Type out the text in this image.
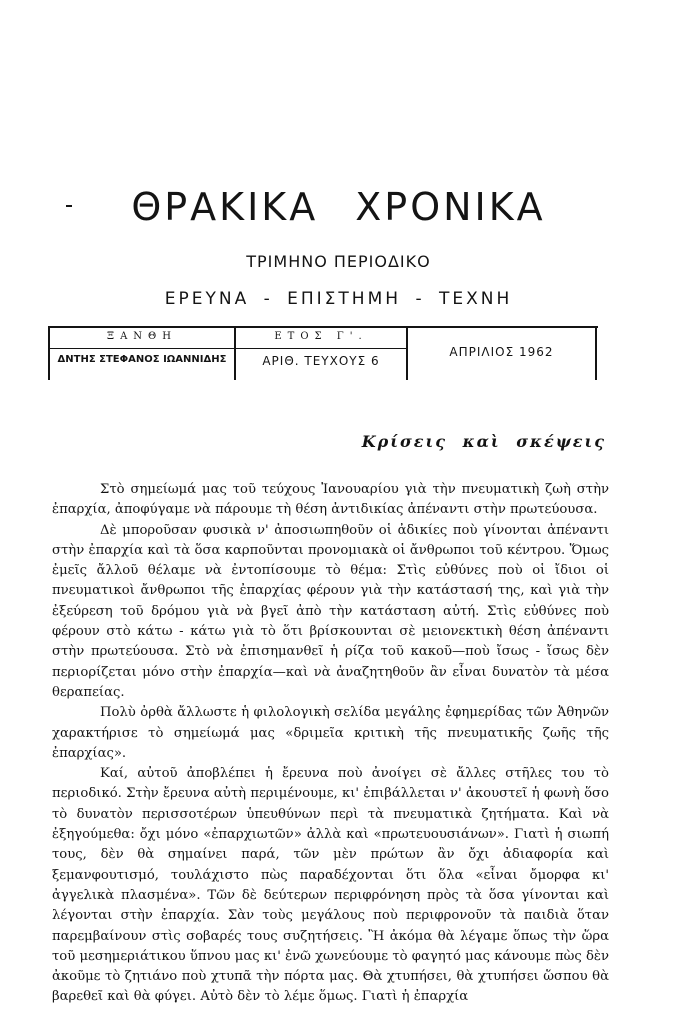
ΘΡΑΚΙΚΑ ΧΡΟΝΙΚΑ
ΤΡΙΜΗΝΟ ΠΕΡΙΟΔΙΚΟ
ΕΡΕΥΝΑ - ΕΠΙΣΤΗΜΗ - ΤΕΧΝΗ
ΞΑΝΘΗ
ΔΝΤΗΣ ΣΤΕΦΑΝΟΣ ΙΩΑΝΝΙΔΗΣ
ΕΤΟΣ Γ'.
ΑΡΙΘ. ΤΕΥΧΟΥΣ 6
ΑΠΡΙΛΙΟΣ 1962
Κρίσεις καὶ σκέψεις

Στὸ σημείωμά μας τοῦ τεύχους Ἰανουαρίου γιὰ τὴν πνευματικὴ ζωὴ στὴν ἐπαρχία, ἀποφύγαμε νὰ πάρουμε τὴ θέση ἀντιδικίας ἀπέναντι στὴν πρωτεύουσα.

Δὲ μποροῦσαν φυσικὰ ν' ἀποσιωπηθοῦν οἱ ἀδικίες ποὺ γίνονται ἀπέναντι στὴν ἐπαρχία καὶ τὰ ὅσα καρποῦνται προνομιακὰ οἱ ἄνθρωποι τοῦ κέντρου. Ὅμως ἐμεῖς ἄλλοῦ θέλαμε νὰ ἐντοπίσουμε τὸ θέμα: Στὶς εὐθύνες ποὺ οἱ ἴδιοι οἱ πνευματικοὶ ἄνθρωποι τῆς ἐπαρχίας φέρουν γιὰ τὴν κατάστασή της, καὶ γιὰ τὴν ἐξεύρεση τοῦ δρόμου γιὰ νὰ βγεῖ ἀπὸ τὴν κατάσταση αὐτή. Στὶς εὐθύνες ποὺ φέρουν στὸ κάτω - κάτω γιὰ τὸ ὅτι βρίσκουνται σὲ μειονεκτικὴ θέση ἀπέναντι στὴν πρωτεύουσα. Στὸ νὰ ἐπισημανθεῖ ἡ ρίζα τοῦ κακοῦ—ποὺ ἴσως - ἴσως δὲν περιορίζεται μόνο στὴν ἐπαρχία—καὶ νὰ ἀναζητηθοῦν ἂν εἶναι δυνατὸν τὰ μέσα θεραπείας.

Πολὺ ὀρθὰ ἄλλωστε ἡ φιλολογικὴ σελίδα μεγάλης ἐφημερίδας τῶν Ἀθηνῶν χαρακτήρισε τὸ σημείωμά μας «δριμεῖα κριτικὴ τῆς πνευματικῆς ζωῆς τῆς ἐπαρχίας».

Καί, αὐτοῦ ἀποβλέπει ἡ ἔρευνα ποὺ ἀνοίγει σὲ ἄλλες στῆλες του τὸ περιοδικό. Στὴν ἔρευνα αὐτὴ περιμένουμε, κι' ἐπιβάλλεται ν' ἀκουστεῖ ἡ φωνὴ ὅσο τὸ δυνατὸν περισσοτέρων ὑπευθύνων περὶ τὰ πνευματικὰ ζητήματα. Καὶ νὰ ἐξηγούμεθα: ὄχι μόνο «ἐπαρχιωτῶν» ἀλλὰ καὶ «πρωτευουσιάνων». Γιατὶ ἡ σιωπή τους, δὲν θὰ σημαίνει παρά, τῶν μὲν πρώτων ἂν ὄχι ἀδιαφορία καὶ ξεμανφουτισμό, τουλάχιστο πὼς παραδέχονται ὅτι ὅλα «εἶναι ὄμορφα κι' ἀγγελικὰ πλασμένα». Τῶν δὲ δεύτερων περιφρόνηση πρὸς τὰ ὅσα γίνονται καὶ λέγονται στὴν ἐπαρχία. Σὰν τοὺς μεγάλους ποὺ περιφρονοῦν τὰ παιδιὰ ὅταν παρεμβαίνουν στὶς σοβαρές τους συζητήσεις. Ἢ ἀκόμα θὰ λέγαμε ὅπως τὴν ὥρα τοῦ μεσημεριάτικου ὕπνου μας κι' ἐνῶ χωνεύουμε τὸ φαγητό μας κάνουμε πὼς δὲν ἀκοῦμε τὸ ζητιάνο ποὺ χτυπᾶ τὴν πόρτα μας. Θὰ χτυπήσει, θὰ χτυπήσει ὥσπου θὰ βαρεθεῖ καὶ θὰ φύγει. Αὐτὸ δὲν τὸ λέμε ὅμως. Γιατὶ ἡ ἐπαρχία
